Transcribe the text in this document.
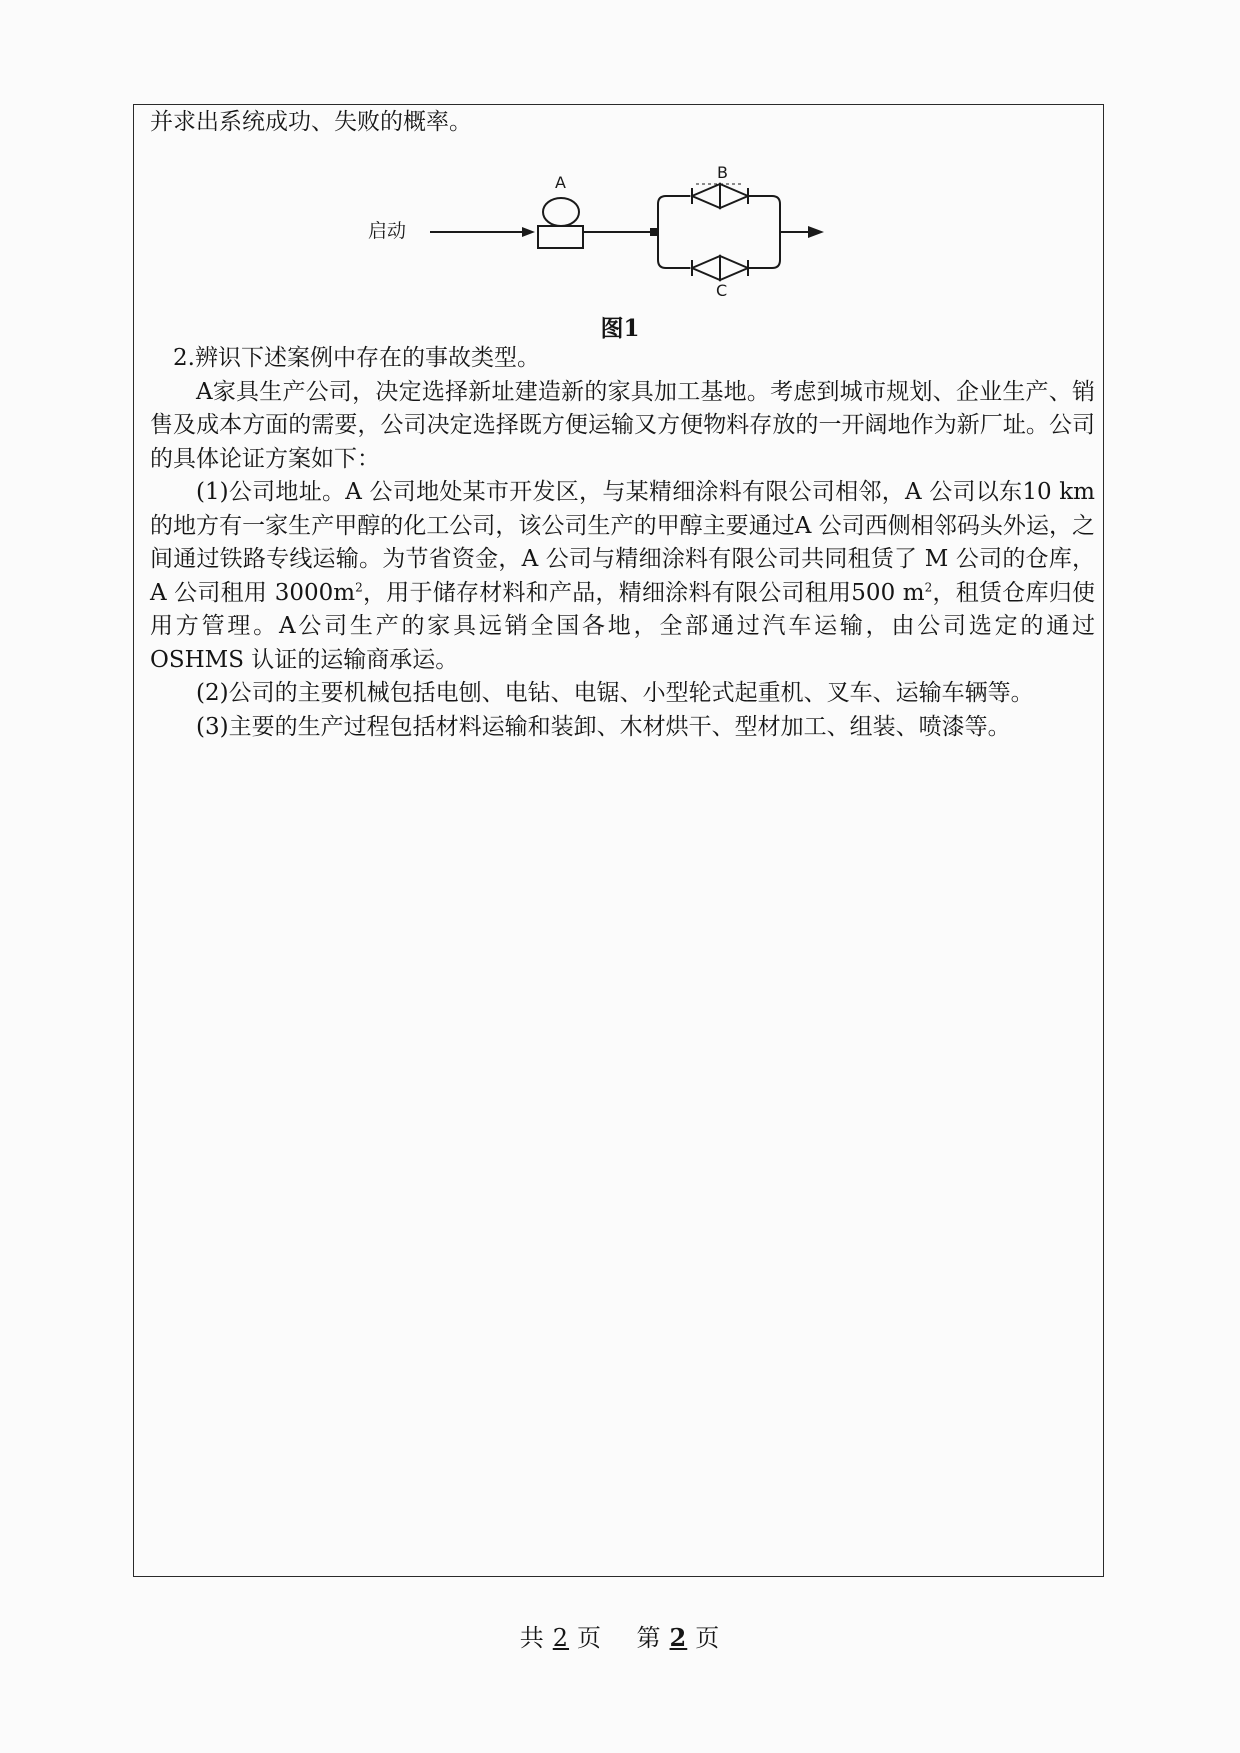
并求出系统成功、失败的概率。

启动
A
B
C
图1

2.辨识下述案例中存在的事故类型。

A家具生产公司，决定选择新址建造新的家具加工基地。考虑到城市规划、企业生产、销售及成本方面的需要，公司决定选择既方便运输又方便物料存放的一开阔地作为新厂址。公司的具体论证方案如下：

(1)公司地址。A 公司地处某市开发区，与某精细涂料有限公司相邻，A 公司以东10 km的地方有一家生产甲醇的化工公司，该公司生产的甲醇主要通过A 公司西侧相邻码头外运，之间通过铁路专线运输。为节省资金，A 公司与精细涂料有限公司共同租赁了 M 公司的仓库，A 公司租用 $3000m^2$，用于储存材料和产品，精细涂料有限公司租用500 $m^2$，租赁仓库归使用方管理。A公司生产的家具远销全国各地，全部通过汽车运输，由公司选定的通过 OSHMS 认证的运输商承运。

(2)公司的主要机械包括电刨、电钻、电锯、小型轮式起重机、叉车、运输车辆等。

(3)主要的生产过程包括材料运输和装卸、木材烘干、型材加工、组装、喷漆等。

共 2 页 第 2 页
